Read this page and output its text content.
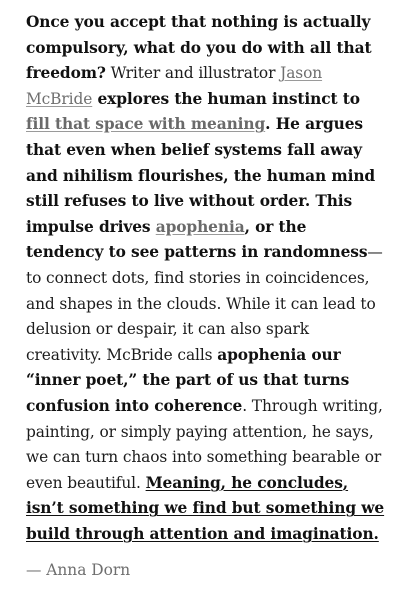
Once you accept that nothing is actually compulsory, what do you do with all that freedom? Writer and illustrator Jason McBride explores the human instinct to fill that space with meaning. He argues that even when belief systems fall away and nihilism flourishes, the human mind still refuses to live without order. This impulse drives apophenia, or the tendency to see patterns in randomness—to connect dots, find stories in coincidences, and shapes in the clouds. While it can lead to delusion or despair, it can also spark creativity. McBride calls apophenia our “inner poet,” the part of us that turns confusion into coherence. Through writing, painting, or simply paying attention, he says, we can turn chaos into something bearable or even beautiful. Meaning, he concludes, isn’t something we find but something we build through attention and imagination.

— Anna Dorn
